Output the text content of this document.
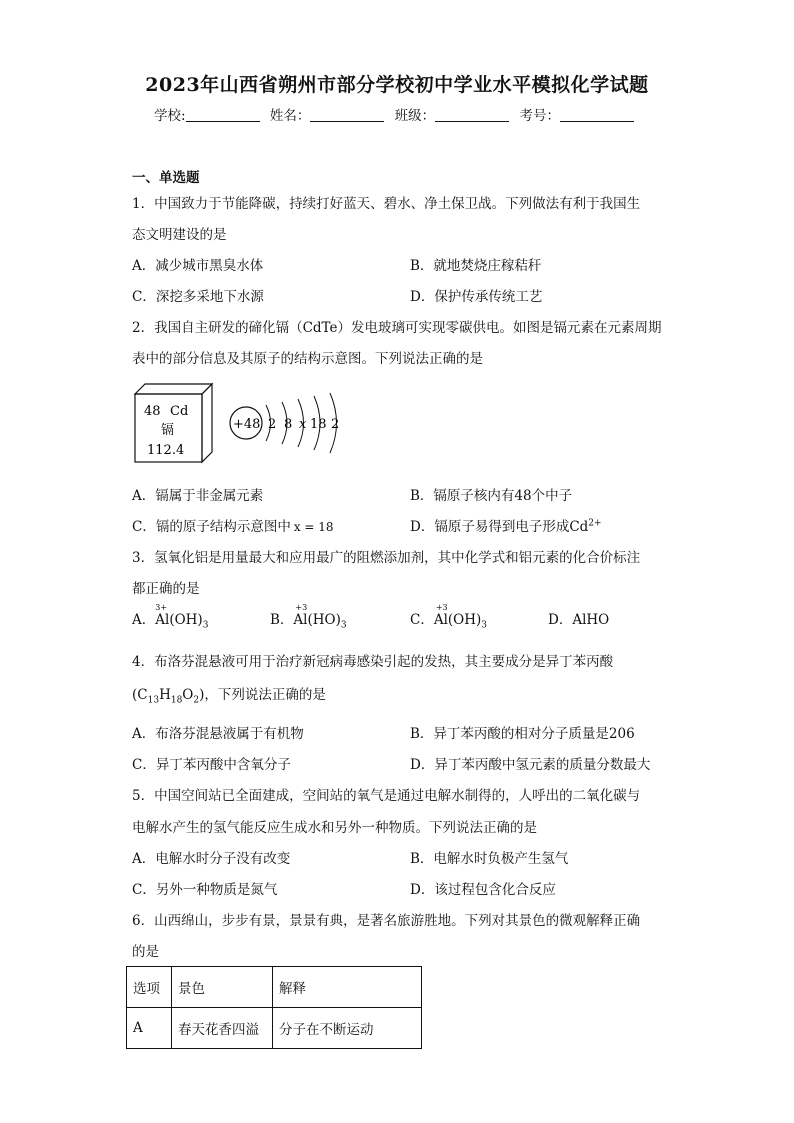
2023年山西省朔州市部分学校初中学业水平模拟化学试题
学校:	姓名：	班级：	考号：
一、单选题
1．中国致力于节能降碳，持续打好蓝天、碧水、净土保卫战。下列做法有利于我国生
态文明建设的是
A．减少城市黑臭水体	B．就地焚烧庄稼秸秆
C．深挖多采地下水源	D．保护传承传统工艺
2．我国自主研发的碲化镉（CdTe）发电玻璃可实现零碳供电。如图是镉元素在元素周期
表中的部分信息及其原子的结构示意图。下列说法正确的是
48 Cd
镉
112.4
+48 2 8 x 18 2
A．镉属于非金属元素	B．镉原子核内有48个中子
C．镉的原子结构示意图中 x = 18	D．镉原子易得到电子形成$Cd^{2+}$
3．氢氧化铝是用量最大和应用最广的阻燃添加剂，其中化学式和铝元素的化合价标注
都正确的是
A．
3+
$Al(OH)_3$	B．
+3
$Al(HO)_3$	C．
+3
$Al(OH)_3$	D．AlHO
4．布洛芬混悬液可用于治疗新冠病毒感染引起的发热，其主要成分是异丁苯丙酸
$(C_{13}H_{18}O_2)$，下列说法正确的是
A．布洛芬混悬液属于有机物	B．异丁苯丙酸的相对分子质量是206
C．异丁苯丙酸中含氧分子	D．异丁苯丙酸中氢元素的质量分数最大
5．中国空间站已全面建成，空间站的氧气是通过电解水制得的，人呼出的二氧化碳与
电解水产生的氢气能反应生成水和另外一种物质。下列说法正确的是
A．电解水时分子没有改变	B．电解水时负极产生氢气
C．另外一种物质是氮气	D．该过程包含化合反应
6．山西绵山，步步有景，景景有典，是著名旅游胜地。下列对其景色的微观解释正确
的是
选项	景色	解释
A	春天花香四溢	分子在不断运动
